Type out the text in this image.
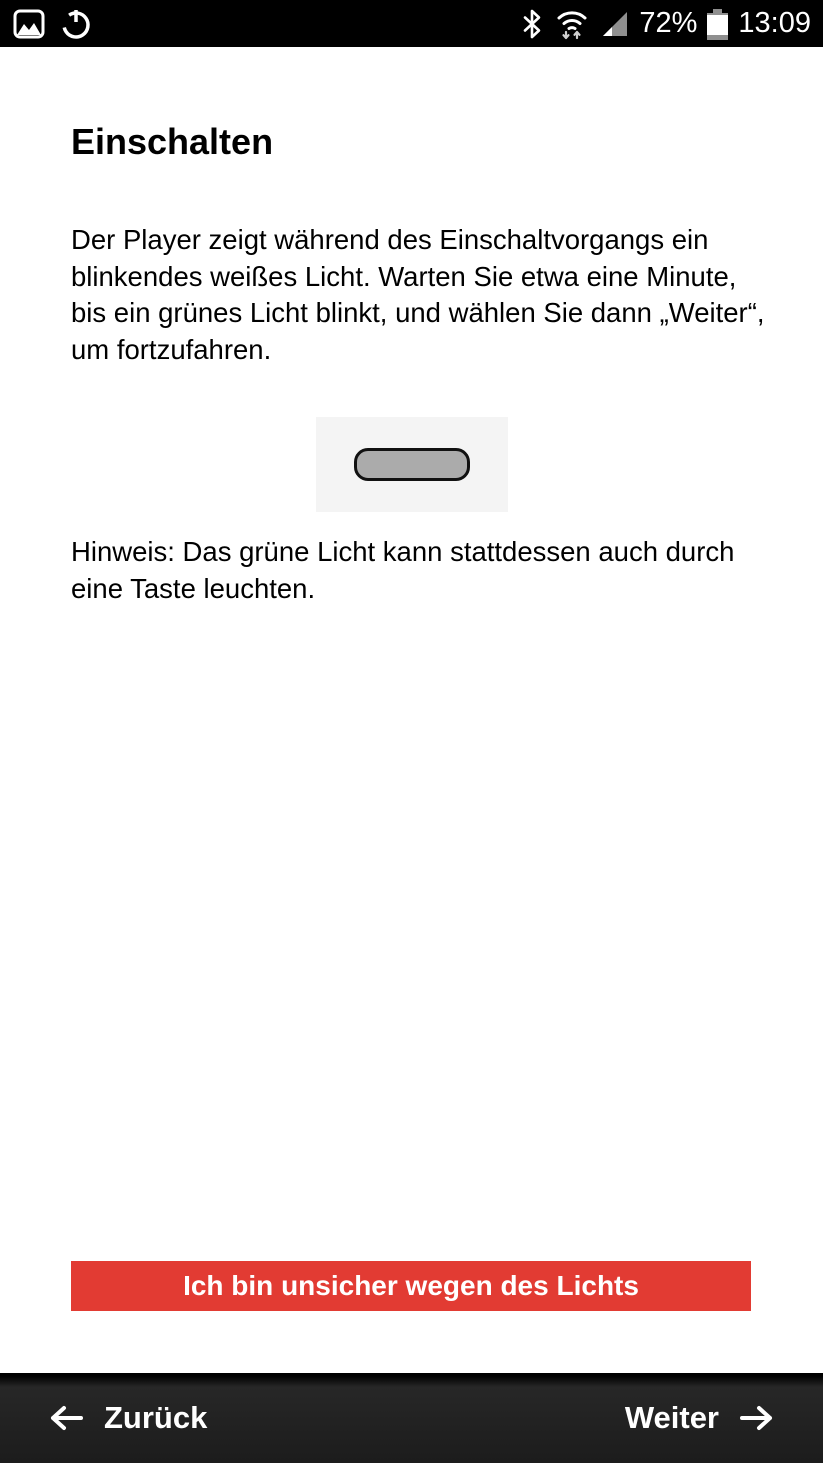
72% 13:09
Einschalten

Der Player zeigt während des Einschaltvorgangs ein blinkendes weißes Licht. Warten Sie etwa eine Minute, bis ein grünes Licht blinkt, und wählen Sie dann „Weiter“, um fortzufahren.

Hinweis: Das grüne Licht kann stattdessen auch durch eine Taste leuchten.

Ich bin unsicher wegen des Lichts
Zurück	Weiter
